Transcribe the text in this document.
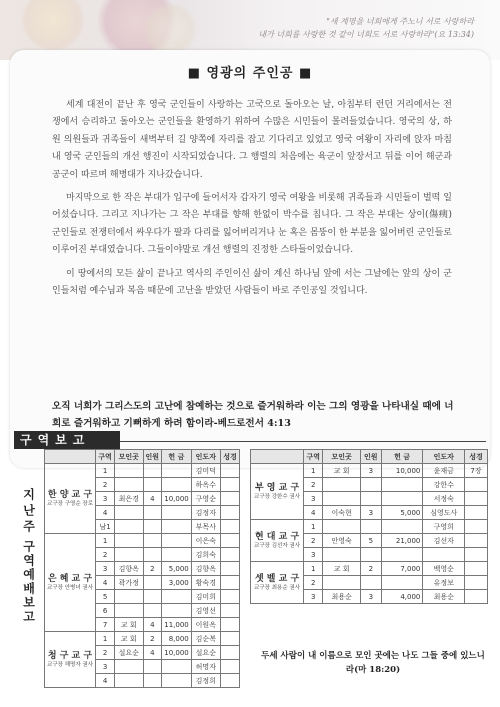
"새 계명을 너희에게 주노니 서로 사랑하라
내가 너희를 사랑한 것 같이 너희도 서로 사랑하라"(요 13:34)
■ 영광의 주인공 ■

세계 대전이 끝난 후 영국 군인들이 사랑하는 고국으로 돌아오는 날, 아침부터 런던 거리에서는 전쟁에서 승리하고 돌아오는 군인들을 환영하기 위하여 수많은 시민들이 몰려들었습니다. 영국의 상, 하원 의원들과 귀족들이 새벽부터 길 양쪽에 자리를 잡고 기다리고 있었고 영국 여왕이 자리에 앉자 마침내 영국 군인들의 개선 행진이 시작되었습니다. 그 행렬의 처음에는 육군이 앞장서고 뒤를 이어 해군과 공군이 따르며 해병대가 지나갔습니다.

마지막으로 한 작은 부대가 입구에 들어서자 갑자기 영국 여왕을 비롯해 귀족들과 시민들이 벌떡 일어섰습니다. 그리고 지나가는 그 작은 부대를 향해 한없이 박수를 칩니다. 그 작은 부대는 상이(傷痍) 군인들로 전쟁터에서 싸우다가 팔과 다리를 잃어버리거나 눈 혹은 몸뚱이 한 부분을 잃어버린 군인들로 이루어진 부대였습니다. 그들이야말로 개선 행렬의 진정한 스타들이었습니다.

이 땅에서의 모든 삶이 끝나고 역사의 주인이신 삶이 계신 하나님 앞에 서는 그날에는 앞의 상이 군인들처럼 예수님과 복음 때문에 고난을 받았던 사람들이 바로 주인공일 것입니다.

오직 너희가 그리스도의 고난에 참예하는 것으로 즐거워하라 이는 그의 영광을 나타내실 때에 너희로 즐거워하고 기뻐하게 하려 함이라-베드로전서 4:13
구역보고
지난주
구역예배보고
	구역	모인곳	인원	헌 금	인도자	성경

한 양 교 구
교구장 구영순 장로	1				김미덕	
	2				하옥수	
	3	최은경	4	10,000	구영순	
	4				김정자	
	남1				부목사	

은 혜 교 구
교구장 안병녀 권사	1				이은숙	
	2				김희숙	
	3	김향옥	2	5,000	김향옥	
	4	곽가정		3,000	황숙경	
	5				김미희	
	6				김영선	
	7	교 회	4	11,000	이원옥	

청 구 교 구
교구장 해명자 권사	1	교 회	2	8,000	김순복	
	2	설요순	4	10,000	설요순	
	3				허명자	
	4				김정희	
	구역	모인곳	인원	헌 금	인도자	성경

부 영 교 구
교구장 강한수 권사	1	교 회	3	10,000	윤재금	7장
	2				강한수	
	3				서정숙	
	4	이숙현	3	5,000	심영도사	

현 대 교 구
교구장 김선자 권사	1				구영희	
	2	안영숙	5	21,000	김선자	
	3					

셋 벨 교 구
교구장 최용순 권사	1	교 회	2	7,000	백영순	
	2				유정보	
	3	최용순	3	4,000	최용순	
두세 사람이 내 이름으로 모인 곳에는 나도 그들 중에 있느니라(마 18:20)
